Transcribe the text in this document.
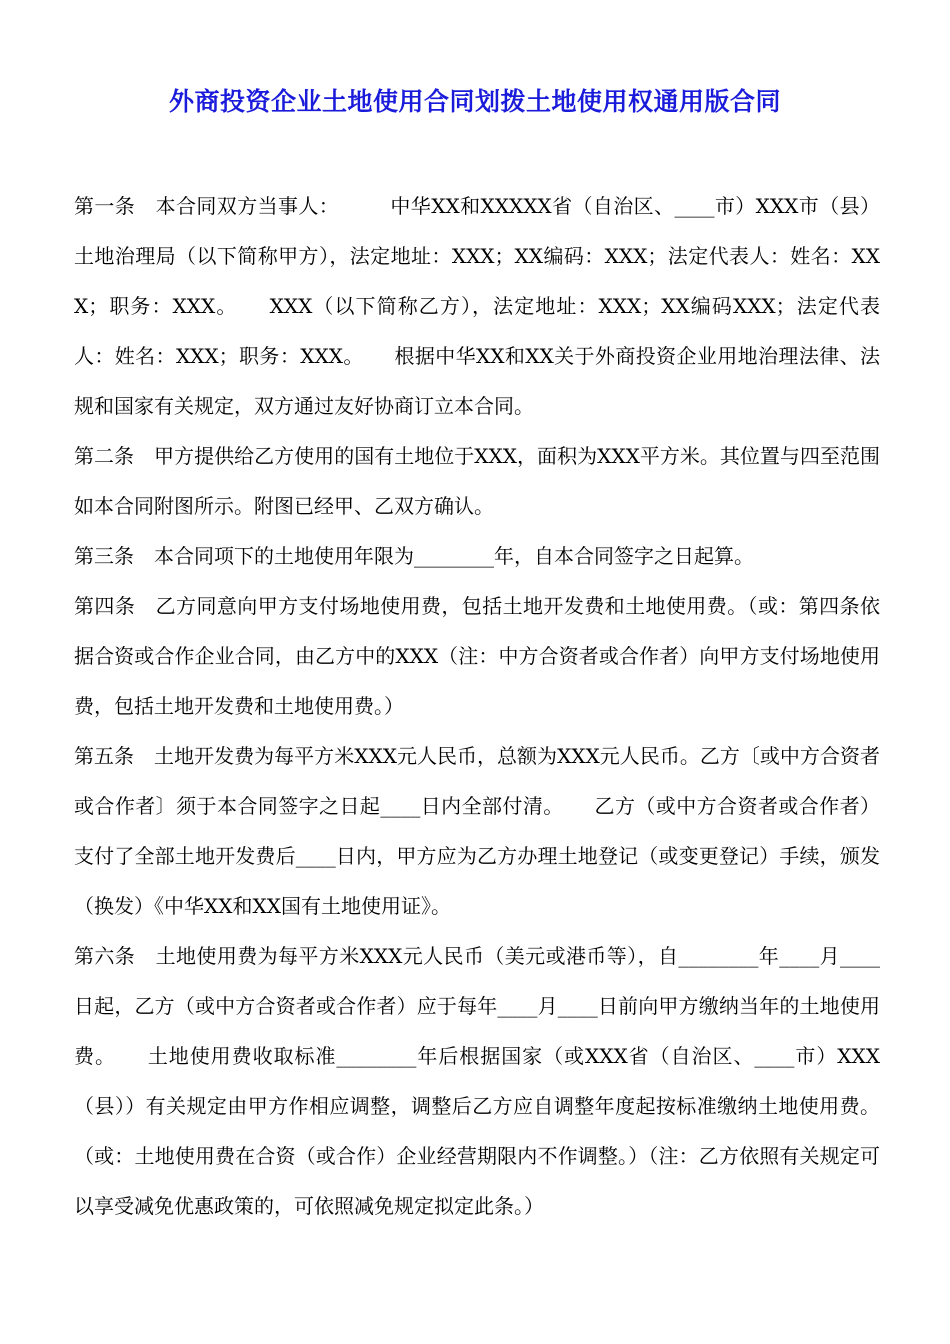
外商投资企业土地使用合同划拨土地使用权通用版合同

第一条　本合同双方当事人：　　　中华XX和XXXXX省（自治区、____市）XXX市（县）土地治理局（以下简称甲方），法定地址：XXX；XX编码：XXX；法定代表人：姓名：XXX；职务：XXX。　　XXX（以下简称乙方），法定地址：XXX；XX编码XXX；法定代表人：姓名：XXX；职务：XXX。　　根据中华XX和XX关于外商投资企业用地治理法律、法规和国家有关规定，双方通过友好协商订立本合同。

第二条　甲方提供给乙方使用的国有土地位于XXX，面积为XXX平方米。其位置与四至范围如本合同附图所示。附图已经甲、乙双方确认。

第三条　本合同项下的土地使用年限为________年，自本合同签字之日起算。

第四条　乙方同意向甲方支付场地使用费，包括土地开发费和土地使用费。（或：第四条依据合资或合作企业合同，由乙方中的XXX（注：中方合资者或合作者）向甲方支付场地使用费，包括土地开发费和土地使用费。）

第五条　土地开发费为每平方米XXX元人民币，总额为XXX元人民币。乙方〔或中方合资者或合作者〕须于本合同签字之日起____日内全部付清。　　乙方（或中方合资者或合作者）支付了全部土地开发费后____日内，甲方应为乙方办理土地登记（或变更登记）手续，颁发（换发）《中华XX和XX国有土地使用证》。

第六条　土地使用费为每平方米XXX元人民币（美元或港币等），自________年____月____日起，乙方（或中方合资者或合作者）应于每年____月____日前向甲方缴纳当年的土地使用费。　　土地使用费收取标准________年后根据国家（或XXX省（自治区、____市）XXX（县））有关规定由甲方作相应调整，调整后乙方应自调整年度起按标准缴纳土地使用费。（或：土地使用费在合资（或合作）企业经营期限内不作调整。）（注：乙方依照有关规定可以享受减免优惠政策的，可依照减免规定拟定此条。）
